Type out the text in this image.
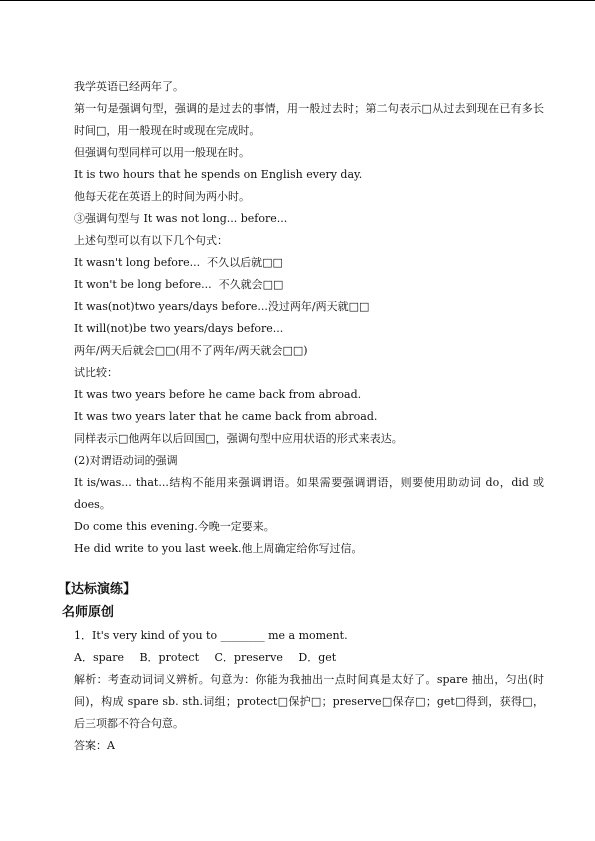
我学英语已经两年了。
第一句是强调句型，强调的是过去的事情，用一般过去时；第二句表示□从过去到现在已有多长时间□，用一般现在时或现在完成时。
但强调句型同样可以用一般现在时。
It is two hours that he spends on English every day.
他每天花在英语上的时间为两小时。
③强调句型与 It was not long... before...
上述句型可以有以下几个句式：
It wasn't long before...  不久以后就□□
It won't be long before...  不久就会□□
It was(not)two years/days before...没过两年/两天就□□
It will(not)be two years/days before...
两年/两天后就会□□(用不了两年/两天就会□□)
试比较：
It was two years before he came back from abroad.
It was two years later that he came back from abroad.
同样表示□他两年以后回国□，强调句型中应用状语的形式来表达。
(2)对谓语动词的强调
It is/was... that...结构不能用来强调谓语。如果需要强调谓语，则要使用助动词 do，did 或 does。
Do come this evening.今晚一定要来。
He did write to you last week.他上周确定给你写过信。
【达标演练】
名师原创
1．It's very kind of you to ________ me a moment.
A．spare B．protect C．preserve D．get
解析：考查动词词义辨析。句意为：你能为我抽出一点时间真是太好了。spare 抽出，匀出(时间)，构成 spare sb. sth.词组；protect□保护□；preserve□保存□；get□得到，获得□，后三项都不符合句意。
答案：A
